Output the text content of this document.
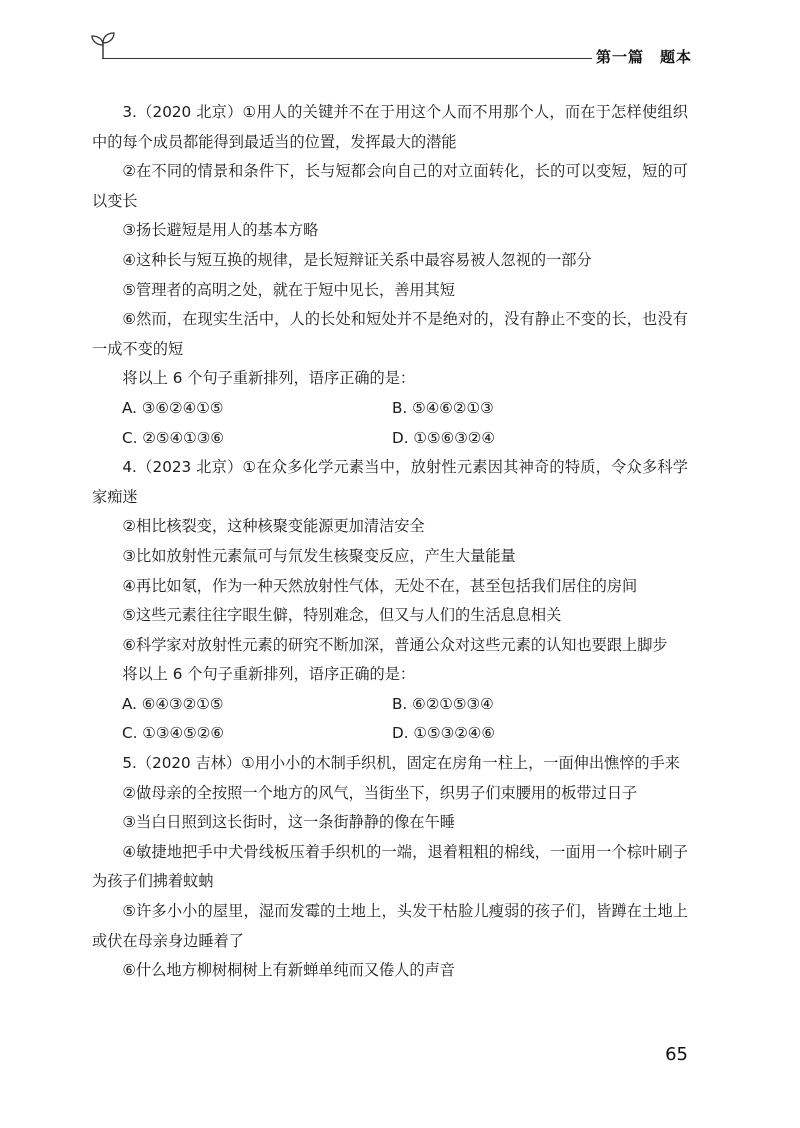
第一篇　题本

3.（2020 北京）①用人的关键并不在于用这个人而不用那个人，而在于怎样使组织中的每个成员都能得到最适当的位置，发挥最大的潜能

②在不同的情景和条件下，长与短都会向自己的对立面转化，长的可以变短，短的可以变长

③扬长避短是用人的基本方略

④这种长与短互换的规律，是长短辩证关系中最容易被人忽视的一部分

⑤管理者的高明之处，就在于短中见长，善用其短

⑥然而，在现实生活中，人的长处和短处并不是绝对的，没有静止不变的长，也没有一成不变的短

将以上 6 个句子重新排列，语序正确的是：

A. ③⑥②④①⑤	B. ⑤④⑥②①③
C. ②⑤④①③⑥	D. ①⑤⑥③②④

4.（2023 北京）①在众多化学元素当中，放射性元素因其神奇的特质，令众多科学家痴迷

②相比核裂变，这种核聚变能源更加清洁安全

③比如放射性元素氚可与氘发生核聚变反应，产生大量能量

④再比如氡，作为一种天然放射性气体，无处不在，甚至包括我们居住的房间

⑤这些元素往往字眼生僻，特别难念，但又与人们的生活息息相关

⑥科学家对放射性元素的研究不断加深，普通公众对这些元素的认知也要跟上脚步

将以上 6 个句子重新排列，语序正确的是：

A. ⑥④③②①⑤	B. ⑥②①⑤③④
C. ①③④⑤②⑥	D. ①⑤③②④⑥

5.（2020 吉林）①用小小的木制手织机，固定在房角一柱上，一面伸出憔悴的手来

②做母亲的全按照一个地方的风气，当街坐下，织男子们束腰用的板带过日子

③当白日照到这长街时，这一条街静静的像在午睡

④敏捷地把手中犬骨线板压着手织机的一端，退着粗粗的棉线，一面用一个棕叶刷子为孩子们拂着蚊蚋

⑤许多小小的屋里，湿而发霉的土地上，头发干枯脸儿瘦弱的孩子们，皆蹲在土地上或伏在母亲身边睡着了

⑥什么地方柳树桐树上有新蝉单纯而又倦人的声音

65
